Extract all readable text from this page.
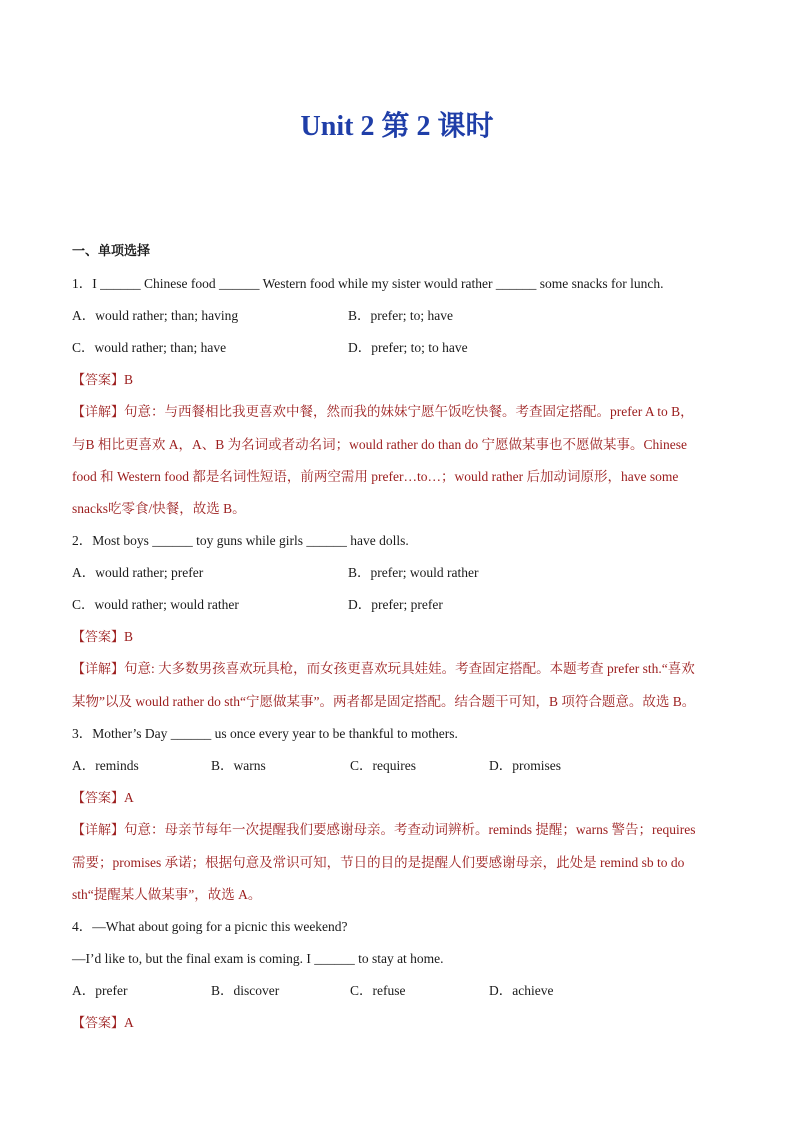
Unit 2 第 2 课时
一、单项选择
1．I ______ Chinese food ______ Western food while my sister would rather ______ some snacks for lunch.
A．would rather; than; having	B．prefer; to; have
C．would rather; than; have	D．prefer; to; to have
【答案】B

【详解】句意：与西餐相比我更喜欢中餐，然而我的妹妹宁愿午饭吃快餐。考查固定搭配。prefer A to B，

与B 相比更喜欢 A，A、B 为名词或者动名词；would rather do than do 宁愿做某事也不愿做某事。Chinese

food 和 Western food 都是名词性短语，前两空需用 prefer…to…；would rather 后加动词原形，have some

snacks吃零食/快餐，故选 B。

2．Most boys ______ toy guns while girls ______ have dolls.
A．would rather; prefer	B．prefer; would rather
C．would rather; would rather	D．prefer; prefer
【答案】B

【详解】句意: 大多数男孩喜欢玩具枪，而女孩更喜欢玩具娃娃。考查固定搭配。本题考查 prefer sth.“喜欢

某物”以及 would rather do sth“宁愿做某事”。两者都是固定搭配。结合题干可知，B 项符合题意。故选 B。

3．Mother’s Day ______ us once every year to be thankful to mothers.
A．reminds	B．warns	C．requires	D．promises
【答案】A

【详解】句意：母亲节每年一次提醒我们要感谢母亲。考查动词辨析。reminds 提醒；warns 警告；requires

需要；promises 承诺；根据句意及常识可知，节日的目的是提醒人们要感谢母亲，此处是 remind sb to do

sth“提醒某人做某事”，故选 A。

4．—What about going for a picnic this weekend?
—I’d like to, but the final exam is coming. I ______ to stay at home.
A．prefer	B．discover	C．refuse	D．achieve
【答案】A
